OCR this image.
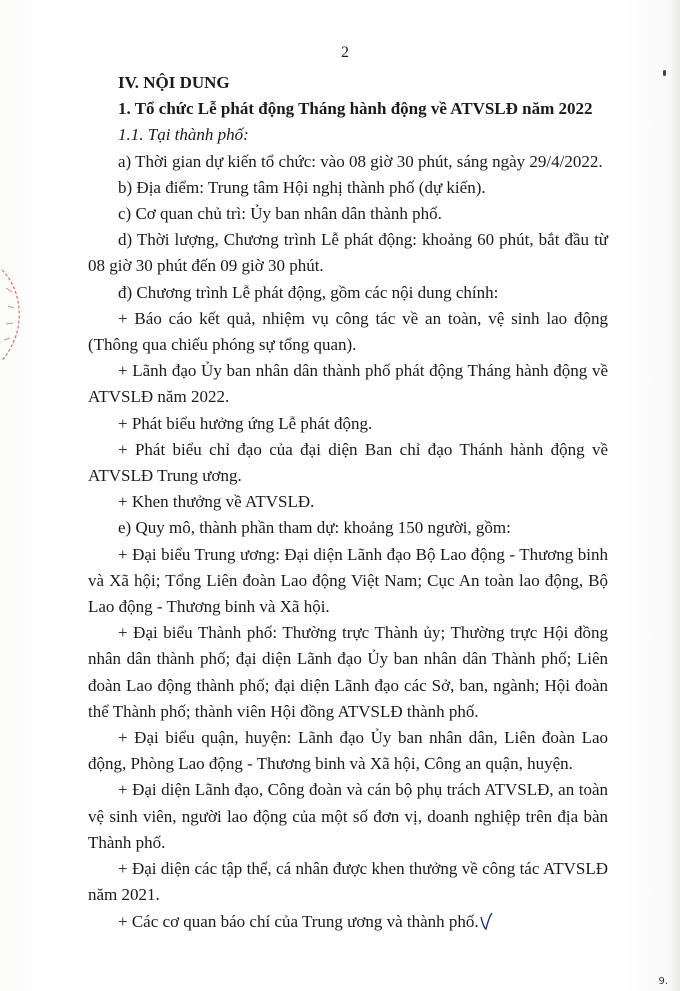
2

IV. NỘI DUNG

1. Tổ chức Lễ phát động Tháng hành động về ATVSLĐ năm 2022

1.1. Tại thành phố:

a) Thời gian dự kiến tổ chức: vào 08 giờ 30 phút, sáng ngày 29/4/2022.

b) Địa điểm: Trung tâm Hội nghị thành phố (dự kiến).

c) Cơ quan chủ trì: Ủy ban nhân dân thành phố.

d) Thời lượng, Chương trình Lễ phát động: khoảng 60 phút, bắt đầu từ 08 giờ 30 phút đến 09 giờ 30 phút.

đ) Chương trình Lễ phát động, gồm các nội dung chính:

+ Báo cáo kết quả, nhiệm vụ công tác về an toàn, vệ sinh lao động (Thông qua chiếu phóng sự tổng quan).

+ Lãnh đạo Ủy ban nhân dân thành phố phát động Tháng hành động về ATVSLĐ năm 2022.

+ Phát biểu hưởng ứng Lễ phát động.

+ Phát biểu chỉ đạo của đại diện Ban chỉ đạo Thánh hành động về ATVSLĐ Trung ương.

+ Khen thưởng về ATVSLĐ.

e) Quy mô, thành phần tham dự: khoảng 150 người, gồm:

+ Đại biểu Trung ương: Đại diện Lãnh đạo Bộ Lao động - Thương binh và Xã hội; Tổng Liên đoàn Lao động Việt Nam; Cục An toàn lao động, Bộ Lao động - Thương binh và Xã hội.

+ Đại biểu Thành phố: Thường trực Thành ủy; Thường trực Hội đồng nhân dân thành phố; đại diện Lãnh đạo Ủy ban nhân dân Thành phố; Liên đoàn Lao động thành phố; đại diện Lãnh đạo các Sở, ban, ngành; Hội đoàn thể Thành phố; thành viên Hội đồng ATVSLĐ thành phố.

+ Đại biểu quận, huyện: Lãnh đạo Ủy ban nhân dân, Liên đoàn Lao động, Phòng Lao động - Thương binh và Xã hội, Công an quận, huyện.

+ Đại diện Lãnh đạo, Công đoàn và cán bộ phụ trách ATVSLĐ, an toàn vệ sinh viên, người lao động của một số đơn vị, doanh nghiệp trên địa bàn Thành phố.

+ Đại diện các tập thể, cá nhân được khen thưởng về công tác ATVSLĐ năm 2021.

+ Các cơ quan báo chí của Trung ương và thành phố.

9.
